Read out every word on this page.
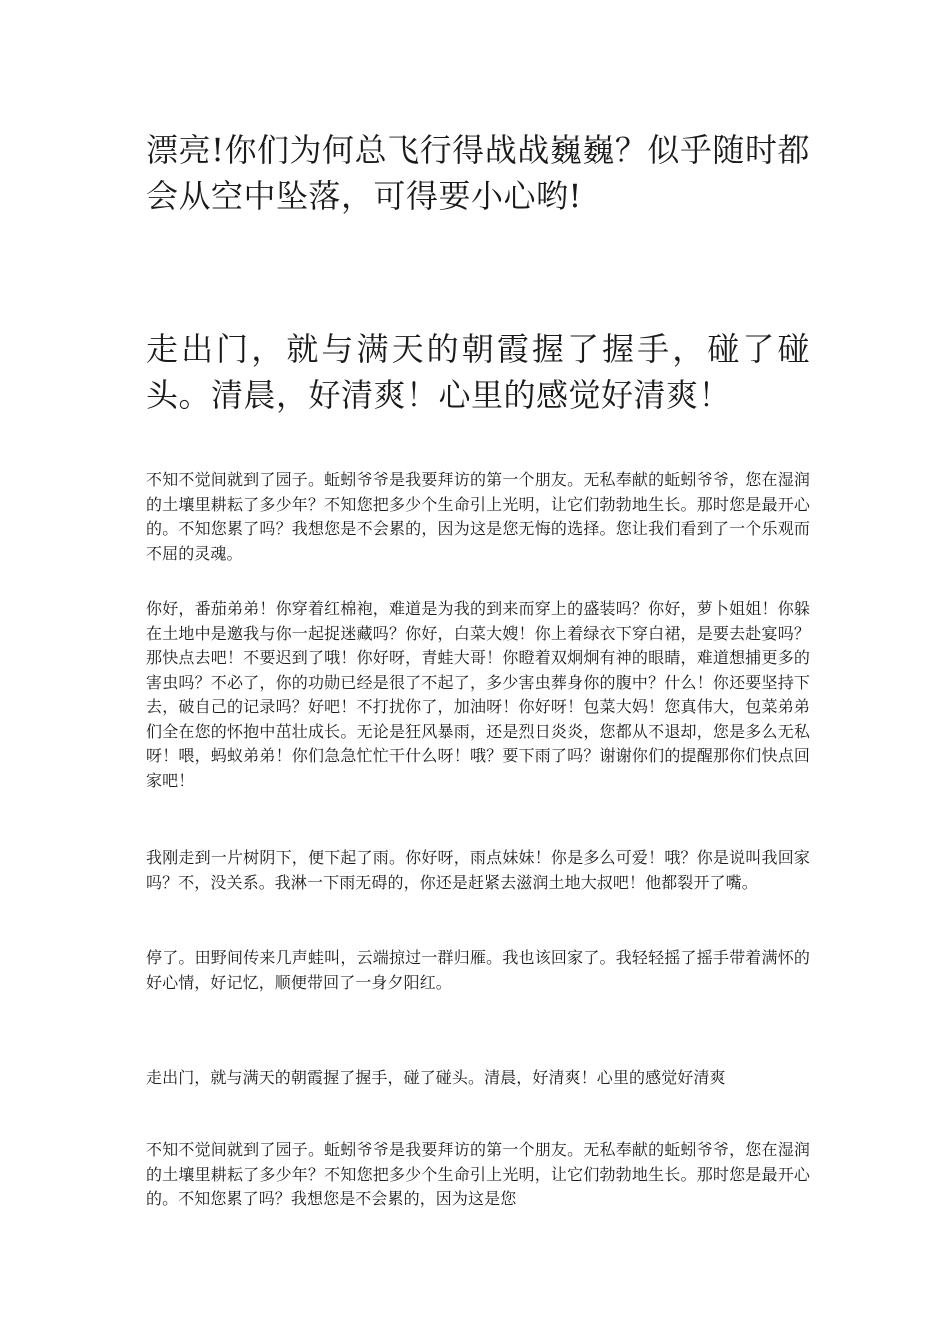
漂亮!你们为何总飞行得战战巍巍？似乎随时都会从空中坠落，可得要小心哟!
走出门，就与满天的朝霞握了握手，碰了碰头。清晨，好清爽！心里的感觉好清爽！

不知不觉间就到了园子。蚯蚓爷爷是我要拜访的第一个朋友。无私奉献的蚯蚓爷爷，您在湿润的土壤里耕耘了多少年？不知您把多少个生命引上光明，让它们勃勃地生长。那时您是最开心的。不知您累了吗？我想您是不会累的，因为这是您无悔的选择。您让我们看到了一个乐观而不屈的灵魂。

你好，番茄弟弟！你穿着红棉袍，难道是为我的到来而穿上的盛装吗？你好，萝卜姐姐！你躲在土地中是邀我与你一起捉迷藏吗？你好，白菜大嫂！你上着绿衣下穿白裙，是要去赴宴吗？那快点去吧！不要迟到了哦！你好呀，青蛙大哥！你瞪着双炯炯有神的眼睛，难道想捕更多的害虫吗？不必了，你的功勋已经是很了不起了，多少害虫葬身你的腹中？什么！你还要坚持下去，破自己的记录吗？好吧！不打扰你了，加油呀！你好呀！包菜大妈！您真伟大，包菜弟弟们全在您的怀抱中茁壮成长。无论是狂风暴雨，还是烈日炎炎，您都从不退却，您是多么无私呀！喂，蚂蚁弟弟！你们急急忙忙干什么呀！哦？要下雨了吗？谢谢你们的提醒那你们快点回家吧！

我刚走到一片树阴下，便下起了雨。你好呀，雨点妹妹！你是多么可爱！哦？你是说叫我回家吗？不，没关系。我淋一下雨无碍的，你还是赶紧去滋润土地大叔吧！他都裂开了嘴。

停了。田野间传来几声蛙叫，云端掠过一群归雁。我也该回家了。我轻轻摇了摇手带着满怀的好心情，好记忆，顺便带回了一身夕阳红。

走出门，就与满天的朝霞握了握手，碰了碰头。清晨，好清爽！心里的感觉好清爽

不知不觉间就到了园子。蚯蚓爷爷是我要拜访的第一个朋友。无私奉献的蚯蚓爷爷，您在湿润的土壤里耕耘了多少年？不知您把多少个生命引上光明，让它们勃勃地生长。那时您是最开心的。不知您累了吗？我想您是不会累的，因为这是您
